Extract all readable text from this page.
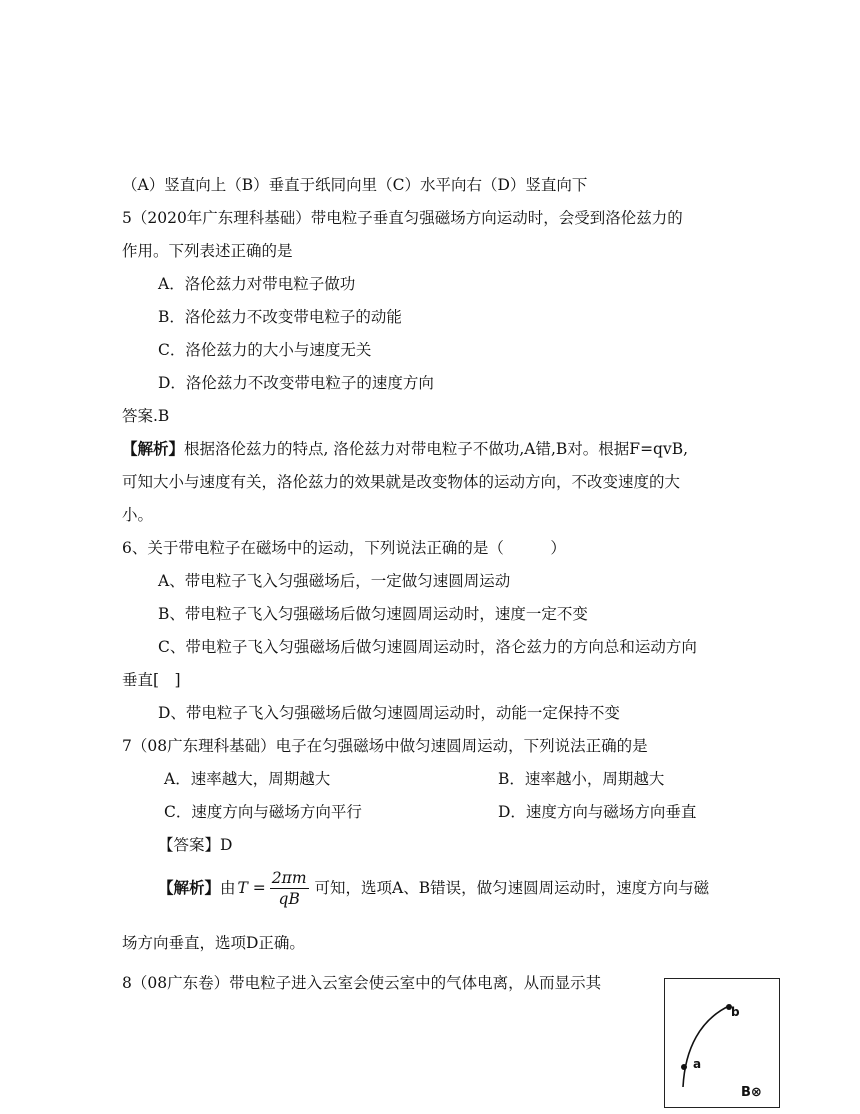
（A）竖直向上（B）垂直于纸同向里（C）水平向右（D）竖直向下
5（2020年广东理科基础）带电粒子垂直匀强磁场方向运动时，会受到洛伦兹力的
作用。下列表述正确的是
A．洛伦兹力对带电粒子做功
B．洛伦兹力不改变带电粒子的动能
C．洛伦兹力的大小与速度无关
D．洛伦兹力不改变带电粒子的速度方向
答案.B
【解析】根据洛伦兹力的特点, 洛伦兹力对带电粒子不做功,A错,B对。根据F=qvB,
可知大小与速度有关，洛伦兹力的效果就是改变物体的运动方向，不改变速度的大
小。
6、关于带电粒子在磁场中的运动，下列说法正确的是（　　　）
A、带电粒子飞入匀强磁场后，一定做匀速圆周运动
B、带电粒子飞入匀强磁场后做匀速圆周运动时，速度一定不变
C、带电粒子飞入匀强磁场后做匀速圆周运动时，洛仑兹力的方向总和运动方向
垂直[　]
D、带电粒子飞入匀强磁场后做匀速圆周运动时，动能一定保持不变
7（08广东理科基础）电子在匀强磁场中做匀速圆周运动，下列说法正确的是
A．速率越大，周期越大	B．速率越小，周期越大
C．速度方向与磁场方向平行	D．速度方向与磁场方向垂直
【答案】D
【解析】 由 $T = \frac{2\pi m}{qB}$ 可知，选项A、B错误，做匀速圆周运动时，速度方向与磁
场方向垂直，选项D正确。
8（08广东卷）带电粒子进入云室会使云室中的气体电离，从而显示其
a
b
B⊗
